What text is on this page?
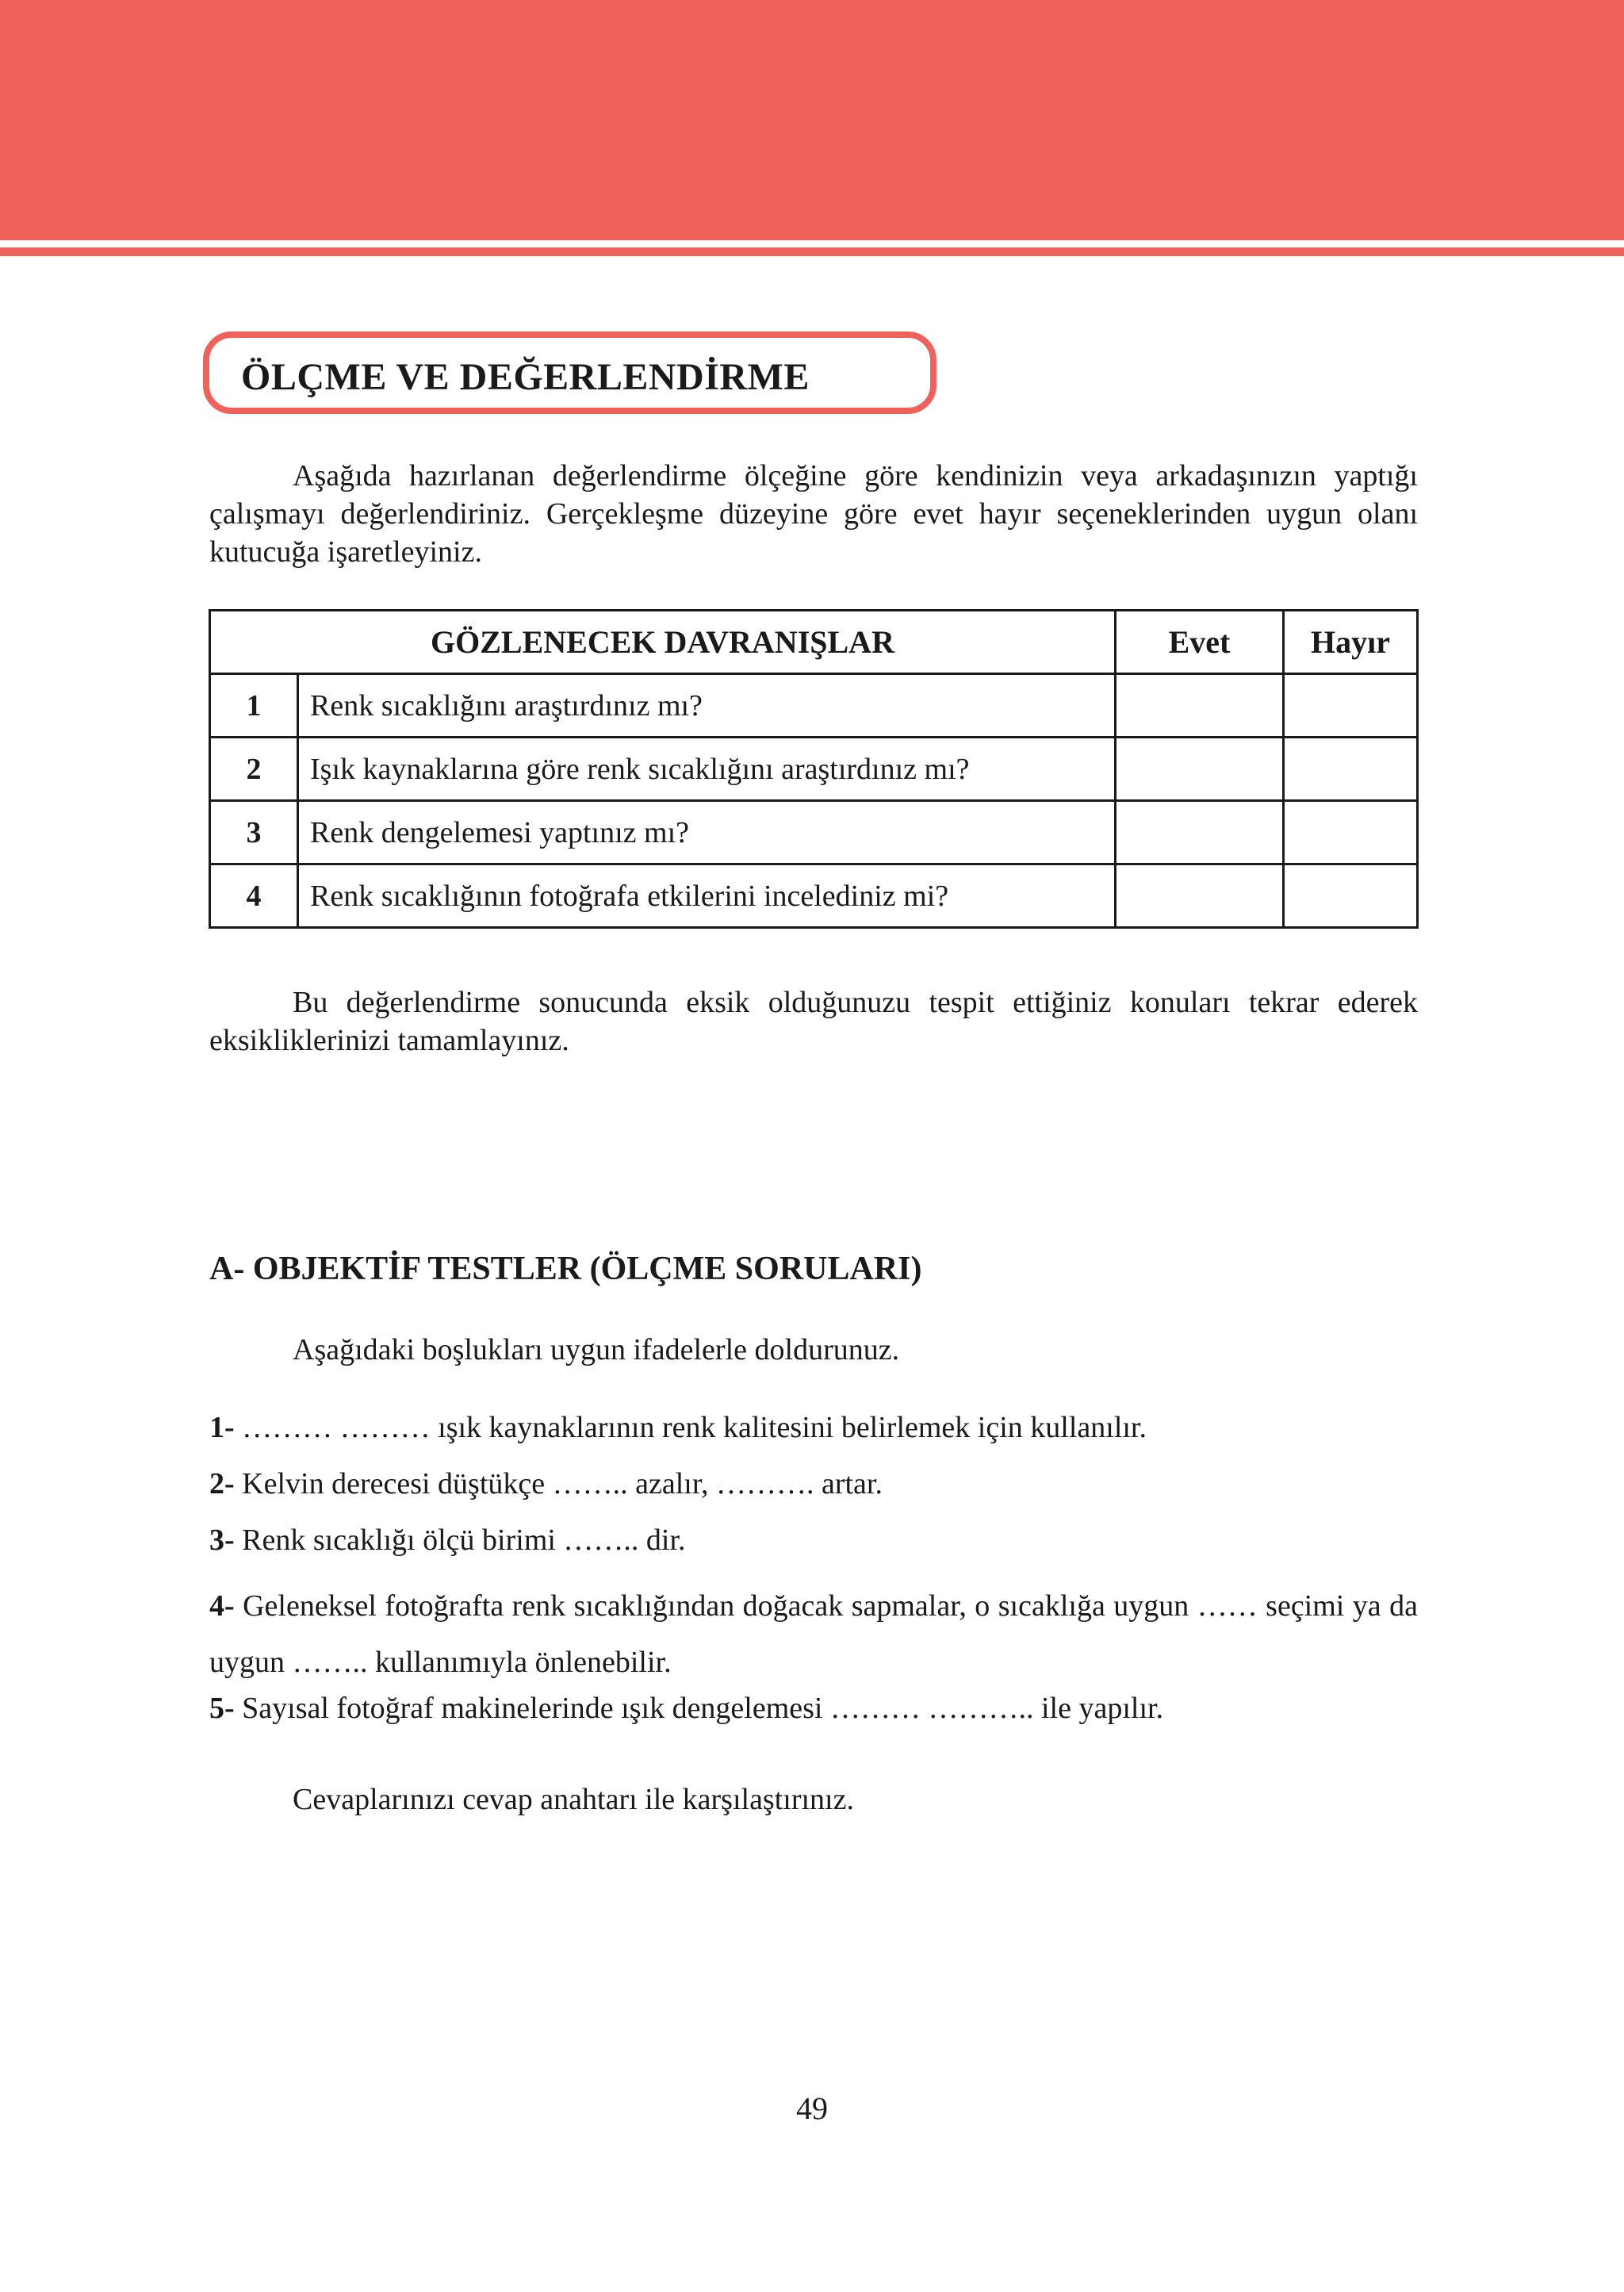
ÖLÇME VE DEĞERLENDİRME

Aşağıda hazırlanan değerlendirme ölçeğine göre kendinizin veya arkadaşınızın yaptığı çalışmayı değerlendiriniz. Gerçekleşme düzeyine göre evet hayır seçeneklerinden uygun olanı kutucuğa işaretleyiniz.

GÖZLENECEK DAVRANIŞLAR		Evet	Hayır
1	Renk sıcaklığını araştırdınız mı?		
2	Işık kaynaklarına göre renk sıcaklığını araştırdınız mı?		
3	Renk dengelemesi yaptınız mı?		
4	Renk sıcaklığının fotoğrafa etkilerini incelediniz mi?		

Bu değerlendirme sonucunda eksik olduğunuzu tespit ettiğiniz konuları tekrar ederek eksikliklerinizi tamamlayınız.

A- OBJEKTİF TESTLER (ÖLÇME SORULARI)

Aşağıdaki boşlukları uygun ifadelerle doldurunuz.

1- ……… ……… ışık kaynaklarının renk kalitesini belirlemek için kullanılır.

2- Kelvin derecesi düştükçe …….. azalır, ………. artar.

3- Renk sıcaklığı ölçü birimi …….. dir.

4- Geleneksel fotoğrafta renk sıcaklığından doğacak sapmalar, o sıcaklığa uygun …… seçimi ya da uygun …….. kullanımıyla önlenebilir.

5- Sayısal fotoğraf makinelerinde ışık dengelemesi ……… ……….. ile yapılır.

Cevaplarınızı cevap anahtarı ile karşılaştırınız.

49
